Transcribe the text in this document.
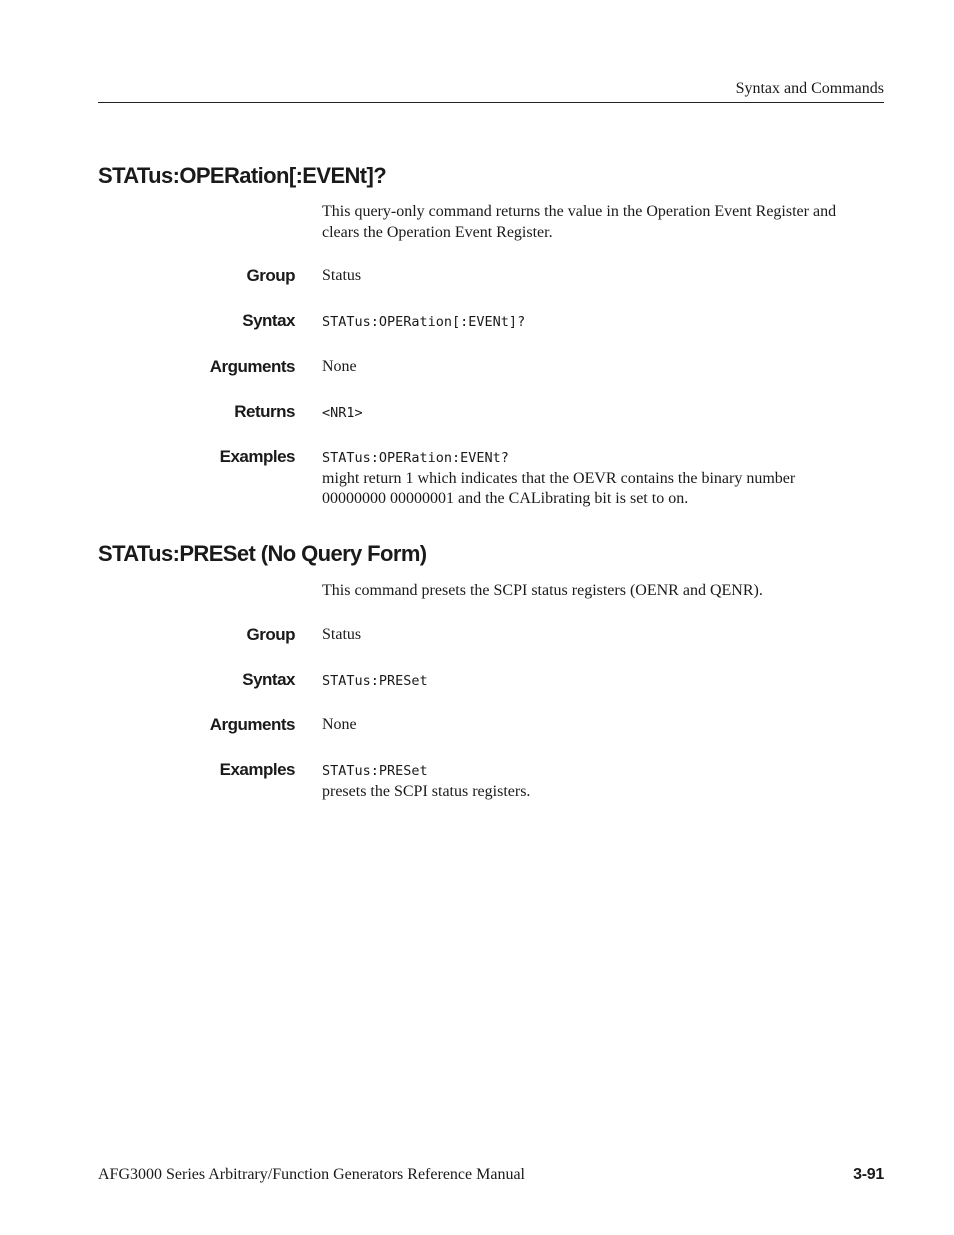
Syntax and Commands
STATus:OPERation[:EVENt]?

This query-only command returns the value in the Operation Event Register and
clears the Operation Event Register.

Group Status
Syntax STATus:OPERation[:EVENt]?
Arguments None
Returns <NR1>
Examples STATus:OPERation:EVENt?
might return 1 which indicates that the OEVR contains the binary number
00000000 00000001 and the CALibrating bit is set to on.
STATus:PRESet (No Query Form)

This command presets the SCPI status registers (OENR and QENR).

Group Status
Syntax STATus:PRESet
Arguments None
Examples STATus:PRESet
presets the SCPI status registers.
AFG3000 Series Arbitrary/Function Generators Reference Manual	3-91
